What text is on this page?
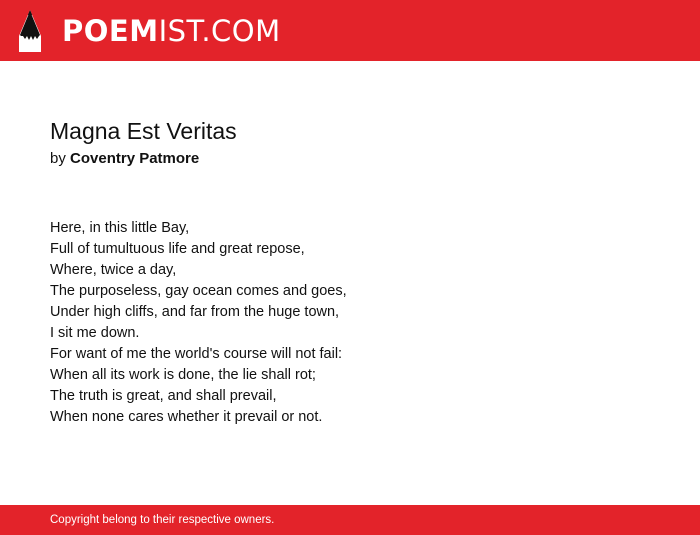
POEMIST.COM
Magna Est Veritas
by Coventry Patmore
Here, in this little Bay,
Full of tumultuous life and great repose,
Where, twice a day,
The purposeless, gay ocean comes and goes,
Under high cliffs, and far from the huge town,
I sit me down.
For want of me the world's course will not fail:
When all its work is done, the lie shall rot;
The truth is great, and shall prevail,
When none cares whether it prevail or not.
Copyright belong to their respective owners.
